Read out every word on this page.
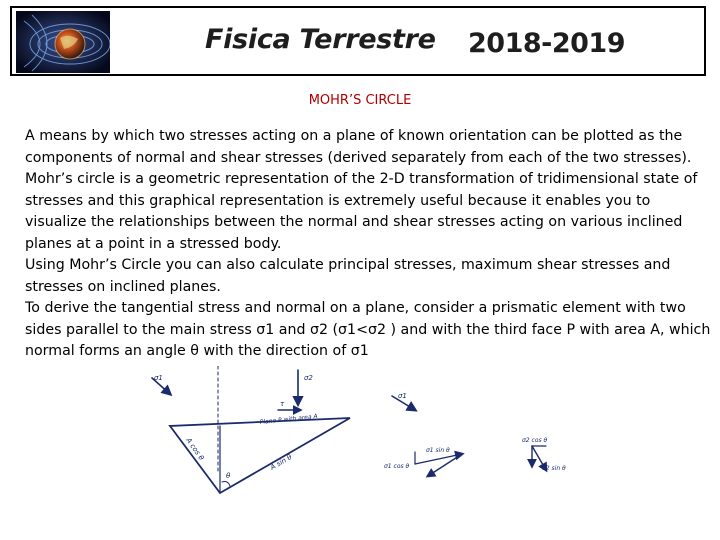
Fisica Terrestre 2018-2019
MOHR’S CIRCLE

A means by which two stresses acting on a plane of known orientation can be plotted as the components of normal and shear stresses (derived separately from each of the two stresses). Mohr’s circle is a geometric representation of the 2-D transformation of tridimensional state of stresses and this graphical representation is extremely useful because it enables you to visualize the relationships between the normal and shear stresses acting on various inclined planes at a point in a stressed body.

Using Mohr’s Circle you can also calculate principal stresses, maximum shear stresses and stresses on inclined planes.

To derive the tangential stress and normal on a plane, consider a prismatic element with two sides parallel to the main stress σ1 and σ2 (σ1<σ2 ) and with the third face P with area A, which normal forms an angle θ with the direction of σ1

σ1	σ2
τ
Plane P with area A
A cos θ
A sin θ
θ
σ1
σ1 sin θ
σ1 cos θ
σ2 cos θ
σ2 sin θ
